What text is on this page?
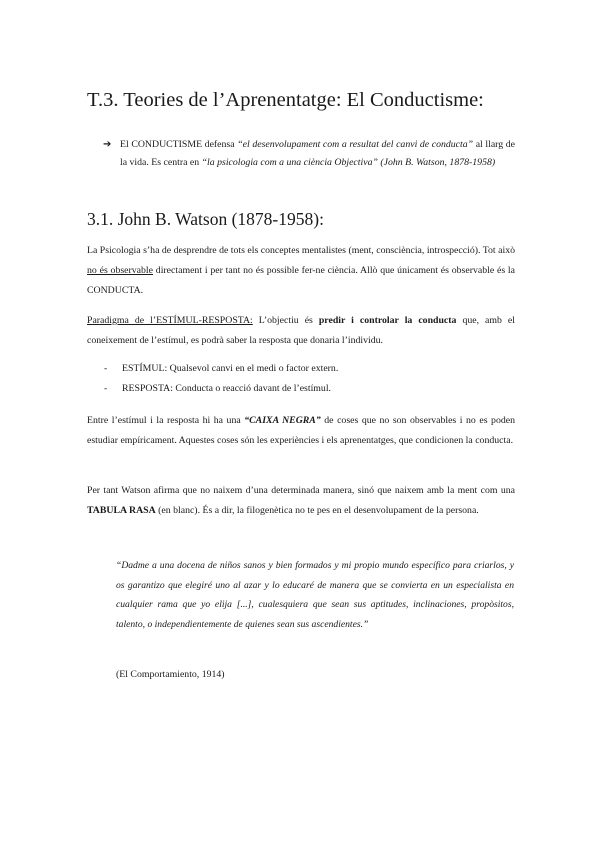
T.3. Teories de l’Aprenentatge: El Conductisme:
➔ El CONDUCTISME defensa “el desenvolupament com a resultat del canvi de conducta” al llarg de la vida. Es centra en “la psicologia com a una ciència Objectiva” (John B. Watson, 1878-1958)
3.1. John B. Watson (1878-1958):

La Psicologia s’ha de desprendre de tots els conceptes mentalistes (ment, consciència, introspecció). Tot això no és observable directament i per tant no és possible fer-ne ciència. Allò que únicament és observable és la CONDUCTA.

Paradigma de l’ESTÍMUL-RESPOSTA: L’objectiu és predir i controlar la conducta que, amb el coneixement de l’estímul, es podrà saber la resposta que donaria l’individu.

- ESTÍMUL: Qualsevol canvi en el medi o factor extern.
- RESPOSTA: Conducta o reacció davant de l’estímul.

Entre l’estímul i la resposta hi ha una “CAIXA NEGRA” de coses que no son observables i no es poden estudiar empíricament. Aquestes coses són les experiències i els aprenentatges, que condicionen la conducta.

Per tant Watson afirma que no naixem d’una determinada manera, sinó que naixem amb la ment com una TABULA RASA (en blanc). És a dir, la filogenètica no te pes en el desenvolupament de la persona.

“Dadme a una docena de niños sanos y bien formados y mi propio mundo específico para criarlos, y os garantizo que elegiré uno al azar y lo educaré de manera que se convierta en un especialista en cualquier rama que yo elija [...], cualesquiera que sean sus aptitudes, inclinaciones, propòsitos, talento, o independientemente de quienes sean sus ascendientes.”

(El Comportamiento, 1914)
